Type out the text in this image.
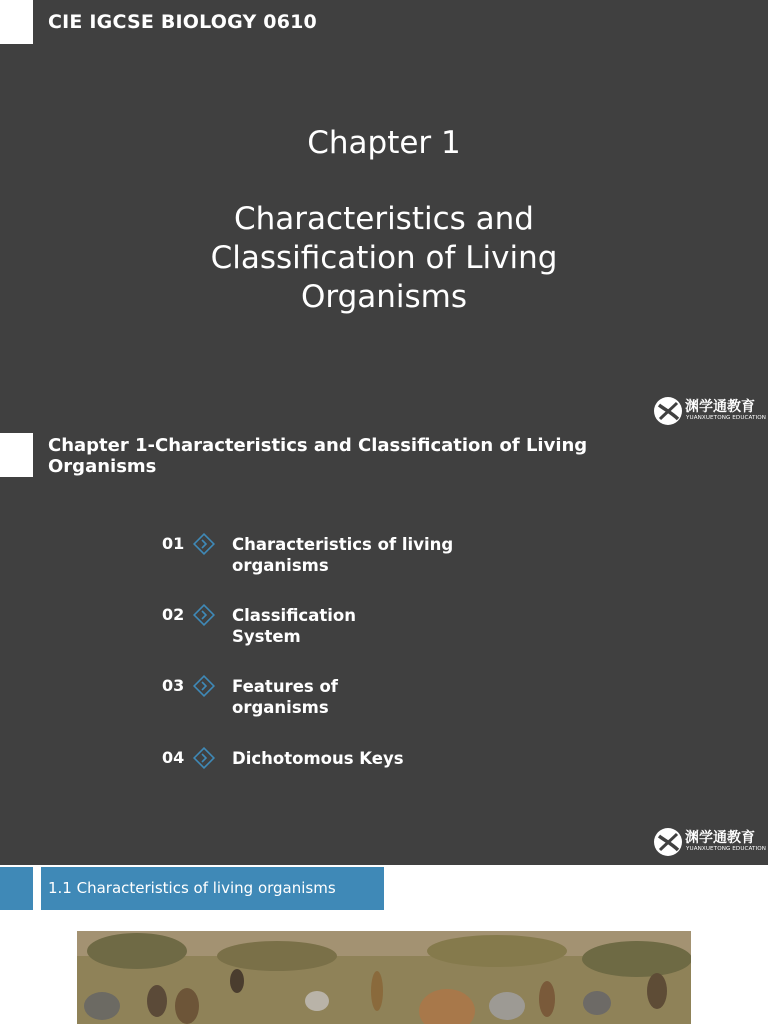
CIE IGCSE BIOLOGY 0610
Chapter 1
Characteristics and
Classification of Living
Organisms
渊学通教育
YUANXUETONG EDUCATION
Chapter 1-Characteristics and Classification of Living Organisms
01	Characteristics of living organisms
02	Classification System
03	Features of organisms
04	Dichotomous Keys
渊学通教育
YUANXUETONG EDUCATION
1.1 Characteristics of living organisms
